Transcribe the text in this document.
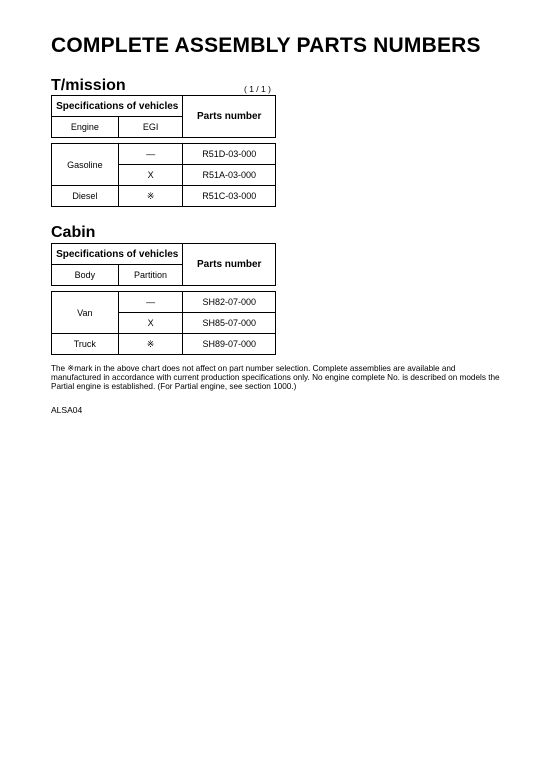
COMPLETE ASSEMBLY PARTS NUMBERS
T/mission	( 1 / 1 )
Specifications of vehicles		Parts number
Engine	EGI	

Gasoline	—	R51D-03-000
	X	R51A-03-000
Diesel	※	R51C-03-000
Cabin
Specifications of vehicles		Parts number
Body	Partition	

Van	—	SH82-07-000
	X	SH85-07-000
Truck	※	SH89-07-000
The ※mark in the above chart does not affect on part number selection. Complete assemblies are available and manufactured in accordance with current production specifications only. No engine complete No. is described on models the Partial engine is established. (For Partial engine, see section 1000.)
ALSA04
